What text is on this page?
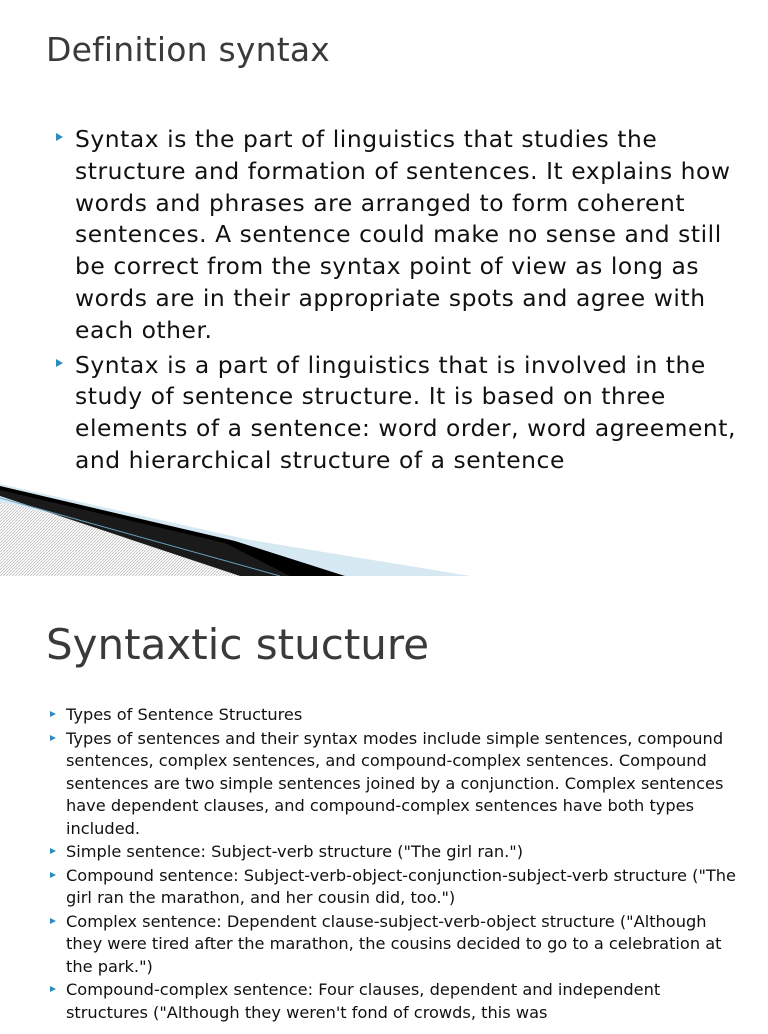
Definition syntax
Syntax is the part of linguistics that studies the structure and formation of sentences. It explains how words and phrases are arranged to form coherent sentences. A sentence could make no sense and still be correct from the syntax point of view as long as words are in their appropriate spots and agree with each other.
Syntax is a part of linguistics that is involved in the study of sentence structure. It is based on three elements of a sentence: word order, word agreement, and hierarchical structure of a sentence
Syntaxtic stucture
Types of Sentence Structures
Types of sentences and their syntax modes include simple sentences, compound sentences, complex sentences, and compound-complex sentences. Compound sentences are two simple sentences joined by a conjunction. Complex sentences have dependent clauses, and compound-complex sentences have both types included.
Simple sentence: Subject-verb structure ("The girl ran.")
Compound sentence: Subject-verb-object-conjunction-subject-verb structure ("The girl ran the marathon, and her cousin did, too.")
Complex sentence: Dependent clause-subject-verb-object structure ("Although they were tired after the marathon, the cousins decided to go to a celebration at the park.")
Compound-complex sentence: Four clauses, dependent and independent structures ("Although they weren't fond of crowds, this was
